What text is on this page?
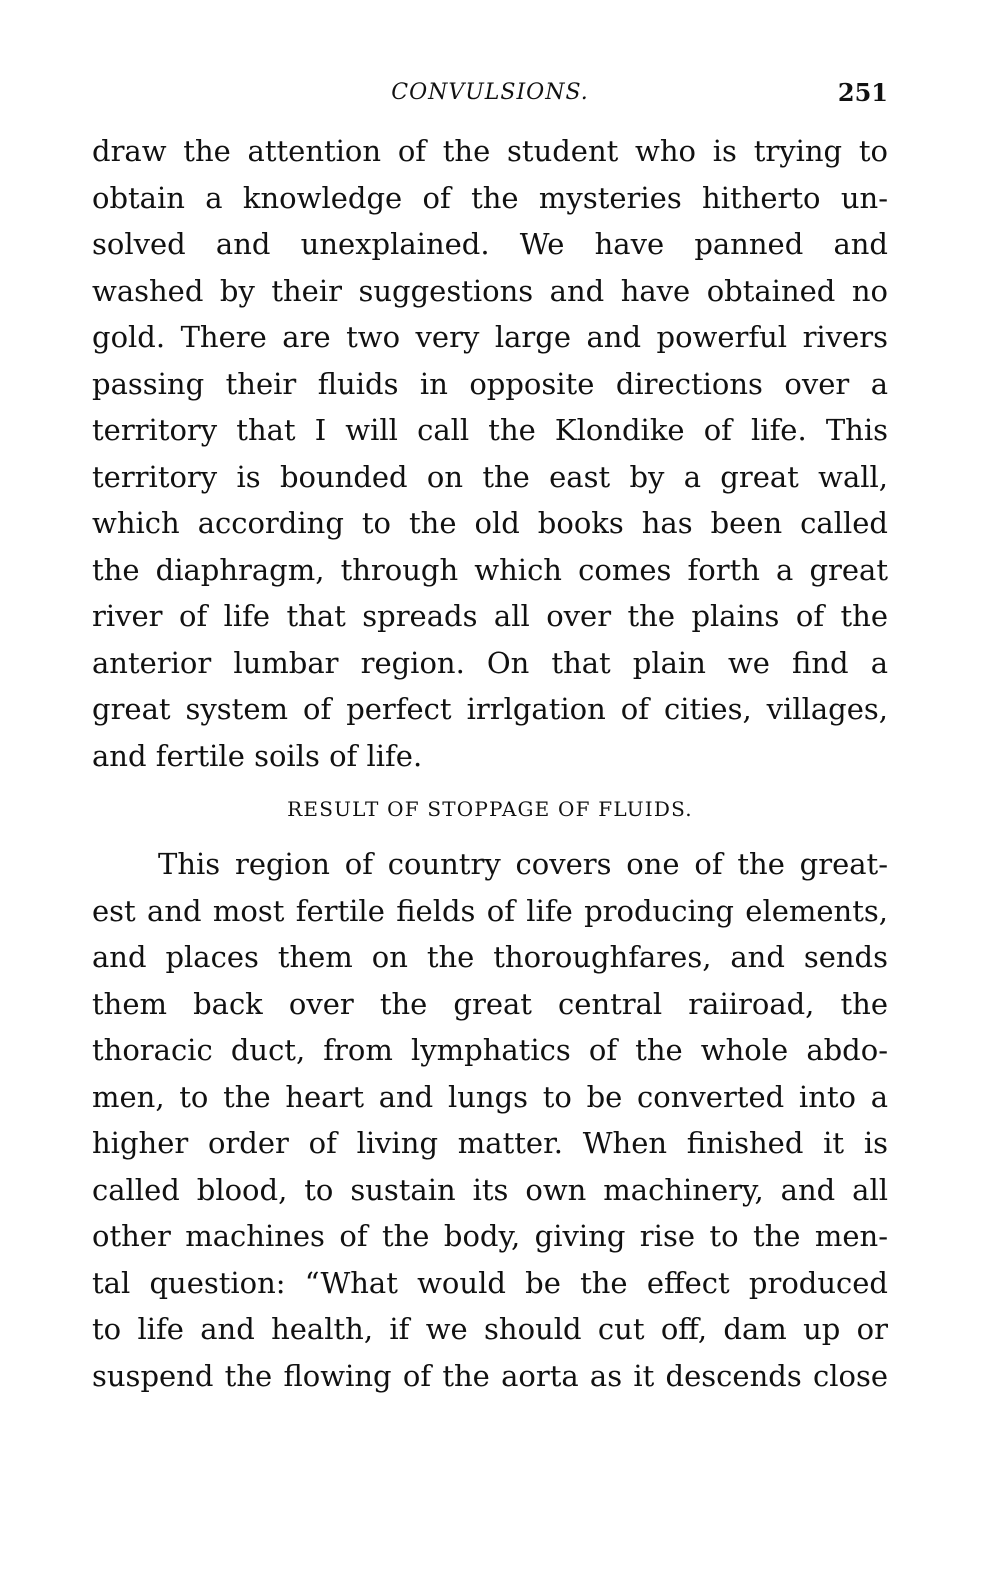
CONVULSIONS.	251
draw the attention of the student who is trying to
obtain a knowledge of the mysteries hitherto un-
solved and unexplained. We have panned and
washed by their suggestions and have obtained no
gold. There are two very large and powerful rivers
passing their fluids in opposite directions over a
territory that I will call the Klondike of life. This
territory is bounded on the east by a great wall,
which according to the old books has been called
the diaphragm, through which comes forth a great
river of life that spreads all over the plains of the
anterior lumbar region. On that plain we find a
great system of perfect irrlgation of cities, villages,
and fertile soils of life.
RESULT OF STOPPAGE OF FLUIDS.
This region of country covers one of the great-
est and most fertile fields of life producing elements,
and places them on the thoroughfares, and sends
them back over the great central raiiroad, the
thoracic duct, from lymphatics of the whole abdo-
men, to the heart and lungs to be converted into a
higher order of living matter. When finished it is
called blood, to sustain its own machinery, and all
other machines of the body, giving rise to the men-
tal question: “What would be the effect produced
to life and health, if we should cut off, dam up or
suspend the flowing of the aorta as it descends close
